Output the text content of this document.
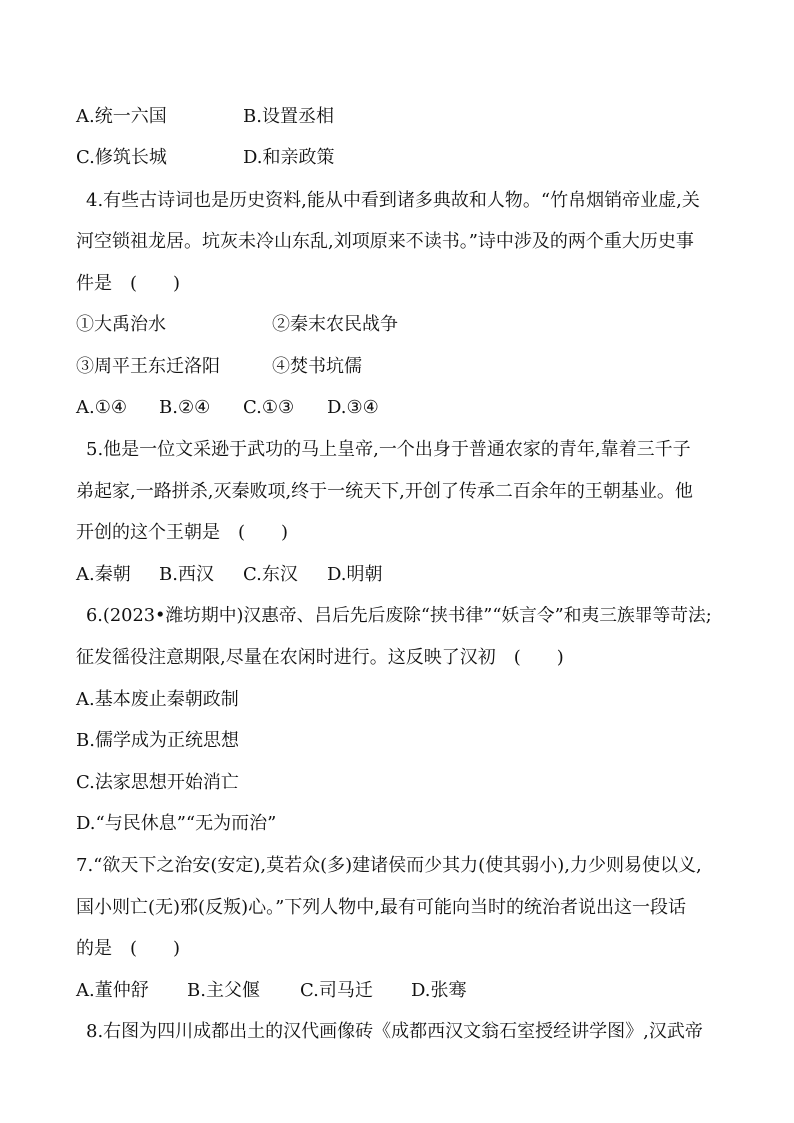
A.统一六国	B.设置丞相
C.修筑长城	D.和亲政策
4.有些古诗词也是历史资料,能从中看到诸多典故和人物。“竹帛烟销帝业虚,关
河空锁祖龙居。坑灰未冷山东乱,刘项原来不读书。”诗中涉及的两个重大历史事
件是　(　　)
①大禹治水	②秦末农民战争
③周平王东迁洛阳	④焚书坑儒
A.①④ B.②④ C.①③ D.③④
5.他是一位文采逊于武功的马上皇帝,一个出身于普通农家的青年,靠着三千子
弟起家,一路拼杀,灭秦败项,终于一统天下,开创了传承二百余年的王朝基业。他
开创的这个王朝是　(　　)
A.秦朝 B.西汉 C.东汉 D.明朝
6.(2023•潍坊期中)汉惠帝、吕后先后废除“挟书律”“妖言令”和夷三族罪等苛法;
征发徭役注意期限,尽量在农闲时进行。这反映了汉初　(　　)
A.基本废止秦朝政制
B.儒学成为正统思想
C.法家思想开始消亡
D.“与民休息”“无为而治”
7.“欲天下之治安(安定),莫若众(多)建诸侯而少其力(使其弱小),力少则易使以义,
国小则亡(无)邪(反叛)心。”下列人物中,最有可能向当时的统治者说出这一段话
的是　(　　)
A.董仲舒 B.主父偃 C.司马迁 D.张骞
8.右图为四川成都出土的汉代画像砖《成都西汉文翁石室授经讲学图》,汉武帝
